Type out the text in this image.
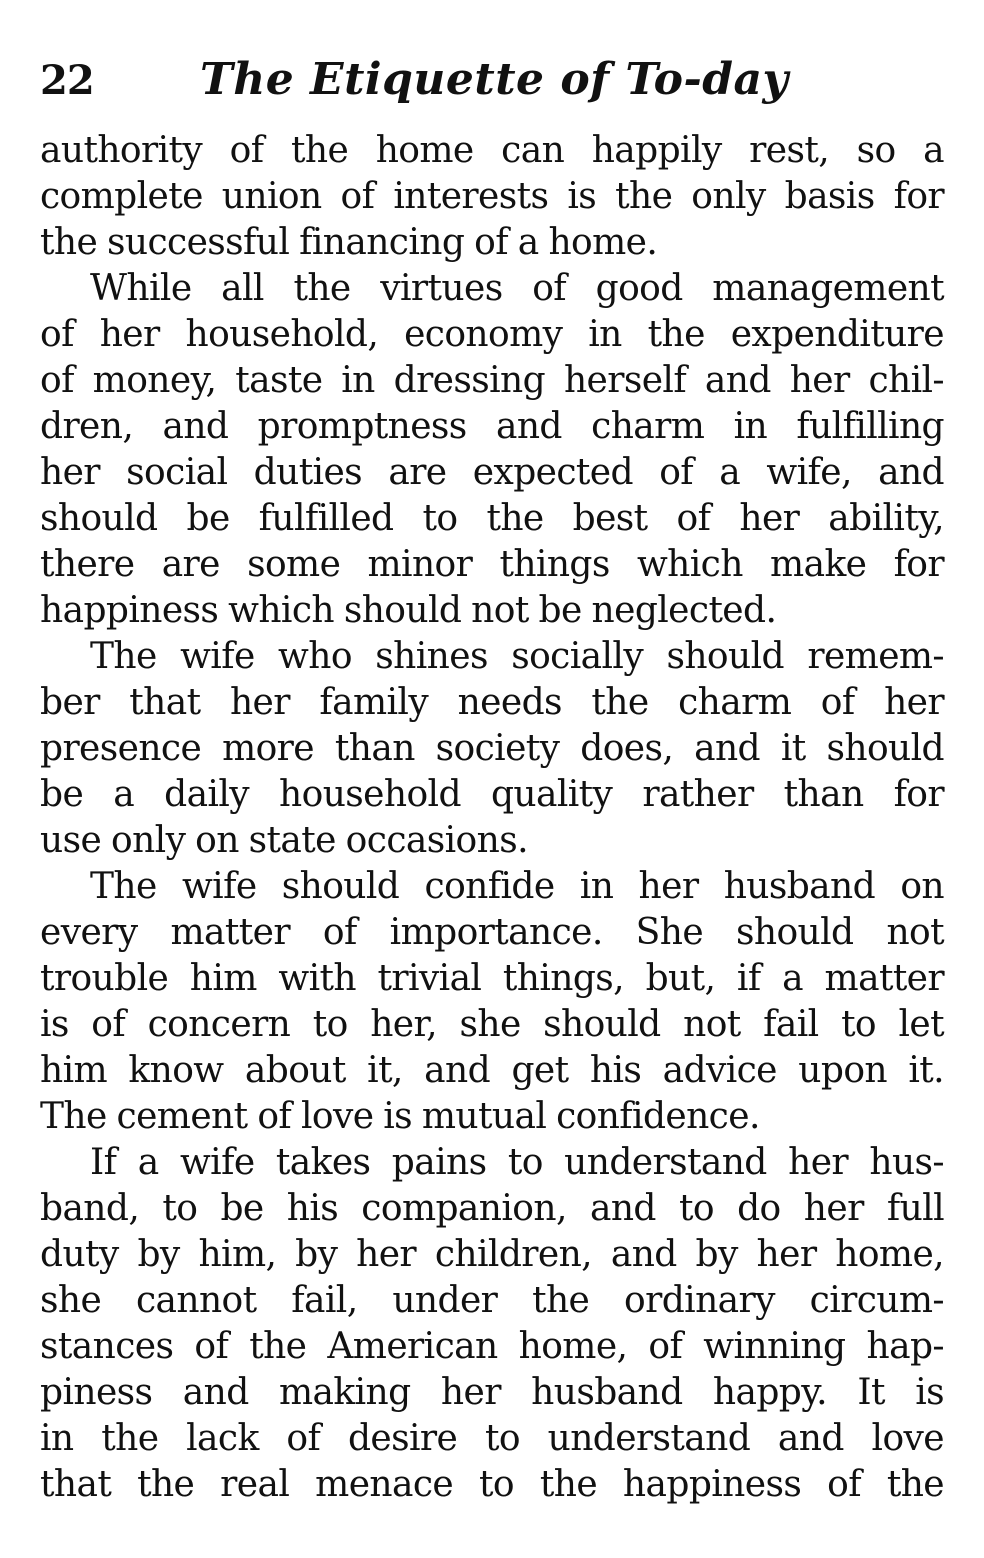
22	The Etiquette of To-day
authority of the home can happily rest, so a
complete union of interests is the only basis for
the successful financing of a home.
While all the virtues of good management
of her household, economy in the expenditure
of money, taste in dressing herself and her chil-
dren, and promptness and charm in fulfilling
her social duties are expected of a wife, and
should be fulfilled to the best of her ability,
there are some minor things which make for
happiness which should not be neglected.
The wife who shines socially should remem-
ber that her family needs the charm of her
presence more than society does, and it should
be a daily household quality rather than for
use only on state occasions.
The wife should confide in her husband on
every matter of importance. She should not
trouble him with trivial things, but, if a matter
is of concern to her, she should not fail to let
him know about it, and get his advice upon it.
The cement of love is mutual confidence.
If a wife takes pains to understand her hus-
band, to be his companion, and to do her full
duty by him, by her children, and by her home,
she cannot fail, under the ordinary circum-
stances of the American home, of winning hap-
piness and making her husband happy. It is
in the lack of desire to understand and love
that the real menace to the happiness of the
